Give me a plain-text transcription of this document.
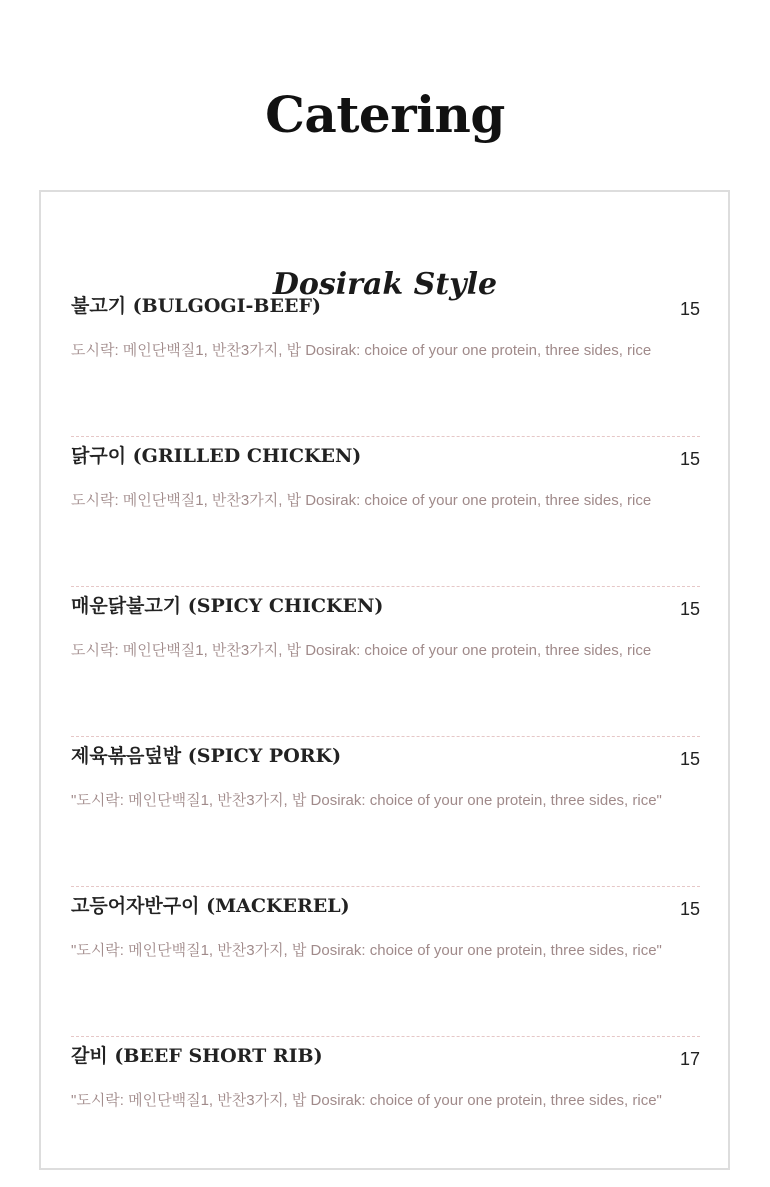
Catering
Dosirak Style
불고기 (BULGOGI-BEEF)	15
도시락: 메인단백질1, 반찬3가지, 밥 Dosirak: choice of your one protein, three sides, rice
닭구이 (GRILLED CHICKEN)	15
도시락: 메인단백질1, 반찬3가지, 밥 Dosirak: choice of your one protein, three sides, rice
매운닭불고기 (SPICY CHICKEN)	15
도시락: 메인단백질1, 반찬3가지, 밥 Dosirak: choice of your one protein, three sides, rice
제육볶음덮밥 (SPICY PORK)	15
"도시락: 메인단백질1, 반찬3가지, 밥 Dosirak: choice of your one protein, three sides, rice"
고등어자반구이 (MACKEREL)	15
"도시락: 메인단백질1, 반찬3가지, 밥 Dosirak: choice of your one protein, three sides, rice"
갈비 (BEEF SHORT RIB)	17
"도시락: 메인단백질1, 반찬3가지, 밥 Dosirak: choice of your one protein, three sides, rice"
